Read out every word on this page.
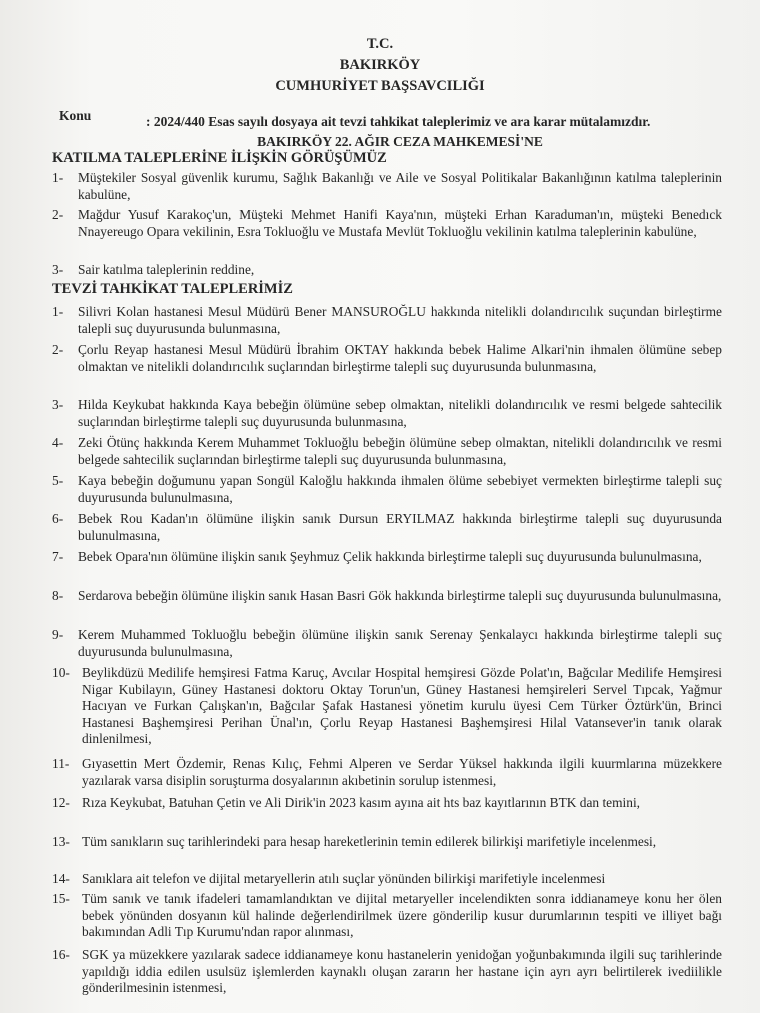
T.C.
BAKIRKÖY
CUMHURİYET BAŞSAVCILIĞI
Konu	: 2024/440 Esas sayılı dosyaya ait tevzi tahkikat taleplerimiz ve ara karar mütalamızdır.
BAKIRKÖY 22. AĞIR CEZA MAHKEMESİ'NE
KATILMA TALEPLERİNE İLİŞKİN GÖRÜŞÜMÜZ
1- Müştekiler Sosyal güvenlik kurumu, Sağlık Bakanlığı ve Aile ve Sosyal Politikalar Bakanlığının katılma taleplerinin kabulüne,
2- Mağdur Yusuf Karakoç'un, Müşteki Mehmet Hanifi Kaya'nın, müşteki Erhan Karaduman'ın, müşteki Benedıck Nnayereugo Opara vekilinin, Esra Tokluoğlu ve Mustafa Mevlüt Tokluoğlu vekilinin katılma taleplerinin kabulüne,
3- Sair katılma taleplerinin reddine,
TEVZİ TAHKİKAT TALEPLERİMİZ
1- Silivri Kolan hastanesi Mesul Müdürü Bener MANSUROĞLU hakkında nitelikli dolandırıcılık suçundan birleştirme talepli suç duyurusunda bulunmasına,
2- Çorlu Reyap hastanesi Mesul Müdürü İbrahim OKTAY hakkında bebek Halime Alkari'nin ihmalen ölümüne sebep olmaktan ve nitelikli dolandırıcılık suçlarından birleştirme talepli suç duyurusunda bulunmasına,
3- Hilda Keykubat hakkında Kaya bebeğin ölümüne sebep olmaktan, nitelikli dolandırıcılık ve resmi belgede sahtecilik suçlarından birleştirme talepli suç duyurusunda bulunmasına,
4- Zeki Ötünç hakkında Kerem Muhammet Tokluoğlu bebeğin ölümüne sebep olmaktan, nitelikli dolandırıcılık ve resmi belgede sahtecilik suçlarından birleştirme talepli suç duyurusunda bulunmasına,
5- Kaya bebeğin doğumunu yapan Songül Kaloğlu hakkında ihmalen ölüme sebebiyet vermekten birleştirme talepli suç duyurusunda bulunulmasına,
6- Bebek Rou Kadan'ın ölümüne ilişkin sanık Dursun ERYILMAZ hakkında birleştirme talepli suç duyurusunda bulunulmasına,
7- Bebek Opara'nın ölümüne ilişkin sanık Şeyhmuz Çelik hakkında birleştirme talepli suç duyurusunda bulunulmasına,
8- Serdarova bebeğin ölümüne ilişkin sanık Hasan Basri Gök hakkında birleştirme talepli suç duyurusunda bulunulmasına,
9- Kerem Muhammed Tokluoğlu bebeğin ölümüne ilişkin sanık Serenay Şenkalaycı hakkında birleştirme talepli suç duyurusunda bulunulmasına,
10- Beylikdüzü Medilife hemşiresi Fatma Karuç, Avcılar Hospital hemşiresi Gözde Polat'ın, Bağcılar Medilife Hemşiresi Nigar Kubilayın, Güney Hastanesi doktoru Oktay Torun'un, Güney Hastanesi hemşireleri Servel Tıpcak, Yağmur Hacıyan ve Furkan Çalışkan'ın, Bağcılar Şafak Hastanesi yönetim kurulu üyesi Cem Türker Öztürk'ün, Brinci Hastanesi Başhemşiresi Perihan Ünal'ın, Çorlu Reyap Hastanesi Başhemşiresi Hilal Vatansever'in tanık olarak dinlenilmesi,
11- Gıyasettin Mert Özdemir, Renas Kılıç, Fehmi Alperen ve Serdar Yüksel hakkında ilgili kuurmlarına müzekkere yazılarak varsa disiplin soruşturma dosyalarının akıbetinin sorulup istenmesi,
12- Rıza Keykubat, Batuhan Çetin ve Ali Dirik'in 2023 kasım ayına ait hts baz kayıtlarının BTK dan temini,
13- Tüm sanıkların suç tarihlerindeki para hesap hareketlerinin temin edilerek bilirkişi marifetiyle incelenmesi,
14- Sanıklara ait telefon ve dijital metaryellerin atılı suçlar yönünden bilirkişi marifetiyle incelenmesi
15- Tüm sanık ve tanık ifadeleri tamamlandıktan ve dijital metaryeller incelendikten sonra iddianameye konu her ölen bebek yönünden dosyanın kül halinde değerlendirilmek üzere gönderilip kusur durumlarının tespiti ve illiyet bağı bakımından Adli Tıp Kurumu'ndan rapor alınması,
16- SGK ya müzekkere yazılarak sadece iddianameye konu hastanelerin yenidoğan yoğunbakımında ilgili suç tarihlerinde yapıldığı iddia edilen usulsüz işlemlerden kaynaklı oluşan zararın her hastane için ayrı ayrı belirtilerek ivediilikle gönderilmesinin istenmesi,
